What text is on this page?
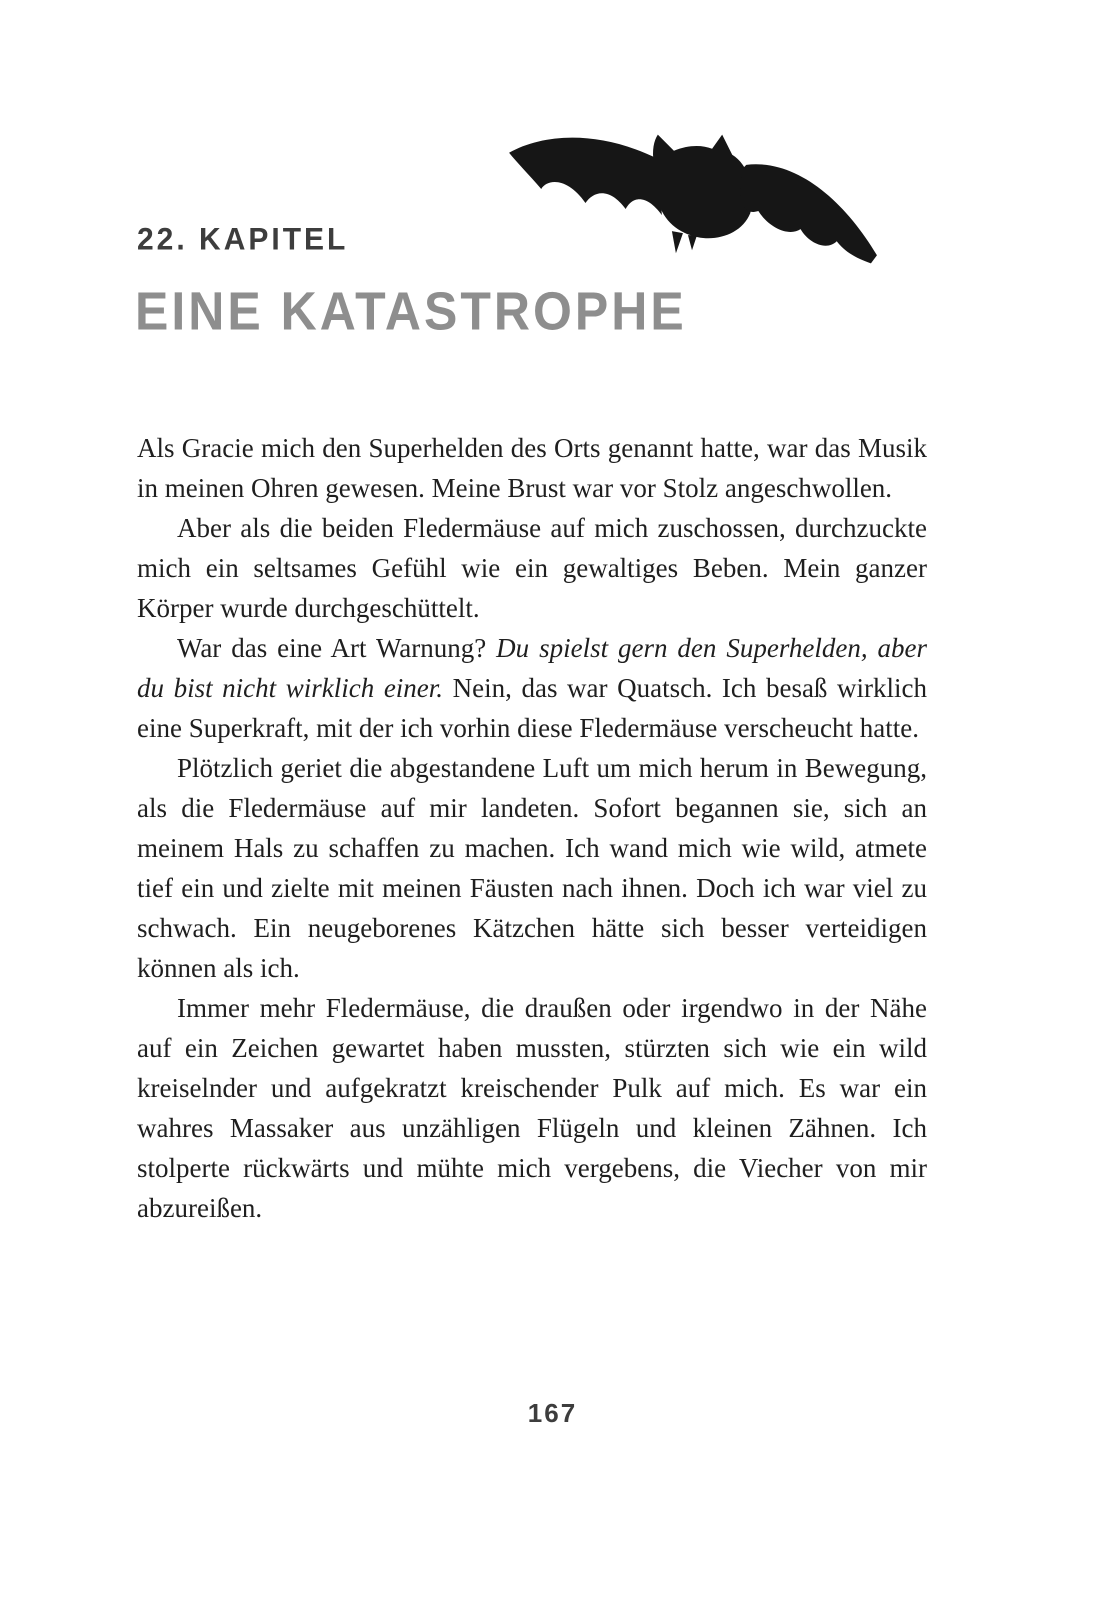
22. KAPITEL
EINE KATASTROPHE

Als Gracie mich den Superhelden des Orts genannt hatte, war das Musik in meinen Ohren gewesen. Meine Brust war vor Stolz angeschwollen.

Aber als die beiden Fledermäuse auf mich zuschossen, durchzuckte mich ein seltsames Gefühl wie ein gewaltiges Beben. Mein ganzer Körper wurde durchgeschüttelt.

War das eine Art Warnung? Du spielst gern den Superhelden, aber du bist nicht wirklich einer. Nein, das war Quatsch. Ich besaß wirklich eine Superkraft, mit der ich vorhin diese Fledermäuse verscheucht hatte.

Plötzlich geriet die abgestandene Luft um mich herum in Bewegung, als die Fledermäuse auf mir landeten. Sofort begannen sie, sich an meinem Hals zu schaffen zu machen. Ich wand mich wie wild, atmete tief ein und zielte mit meinen Fäusten nach ihnen. Doch ich war viel zu schwach. Ein neugeborenes Kätzchen hätte sich besser verteidigen können als ich.

Immer mehr Fledermäuse, die draußen oder irgendwo in der Nähe auf ein Zeichen gewartet haben mussten, stürzten sich wie ein wild kreiselnder und aufgekratzt kreischender Pulk auf mich. Es war ein wahres Massaker aus unzähligen Flügeln und kleinen Zähnen. Ich stolperte rückwärts und mühte mich vergebens, die Viecher von mir abzureißen.

167
